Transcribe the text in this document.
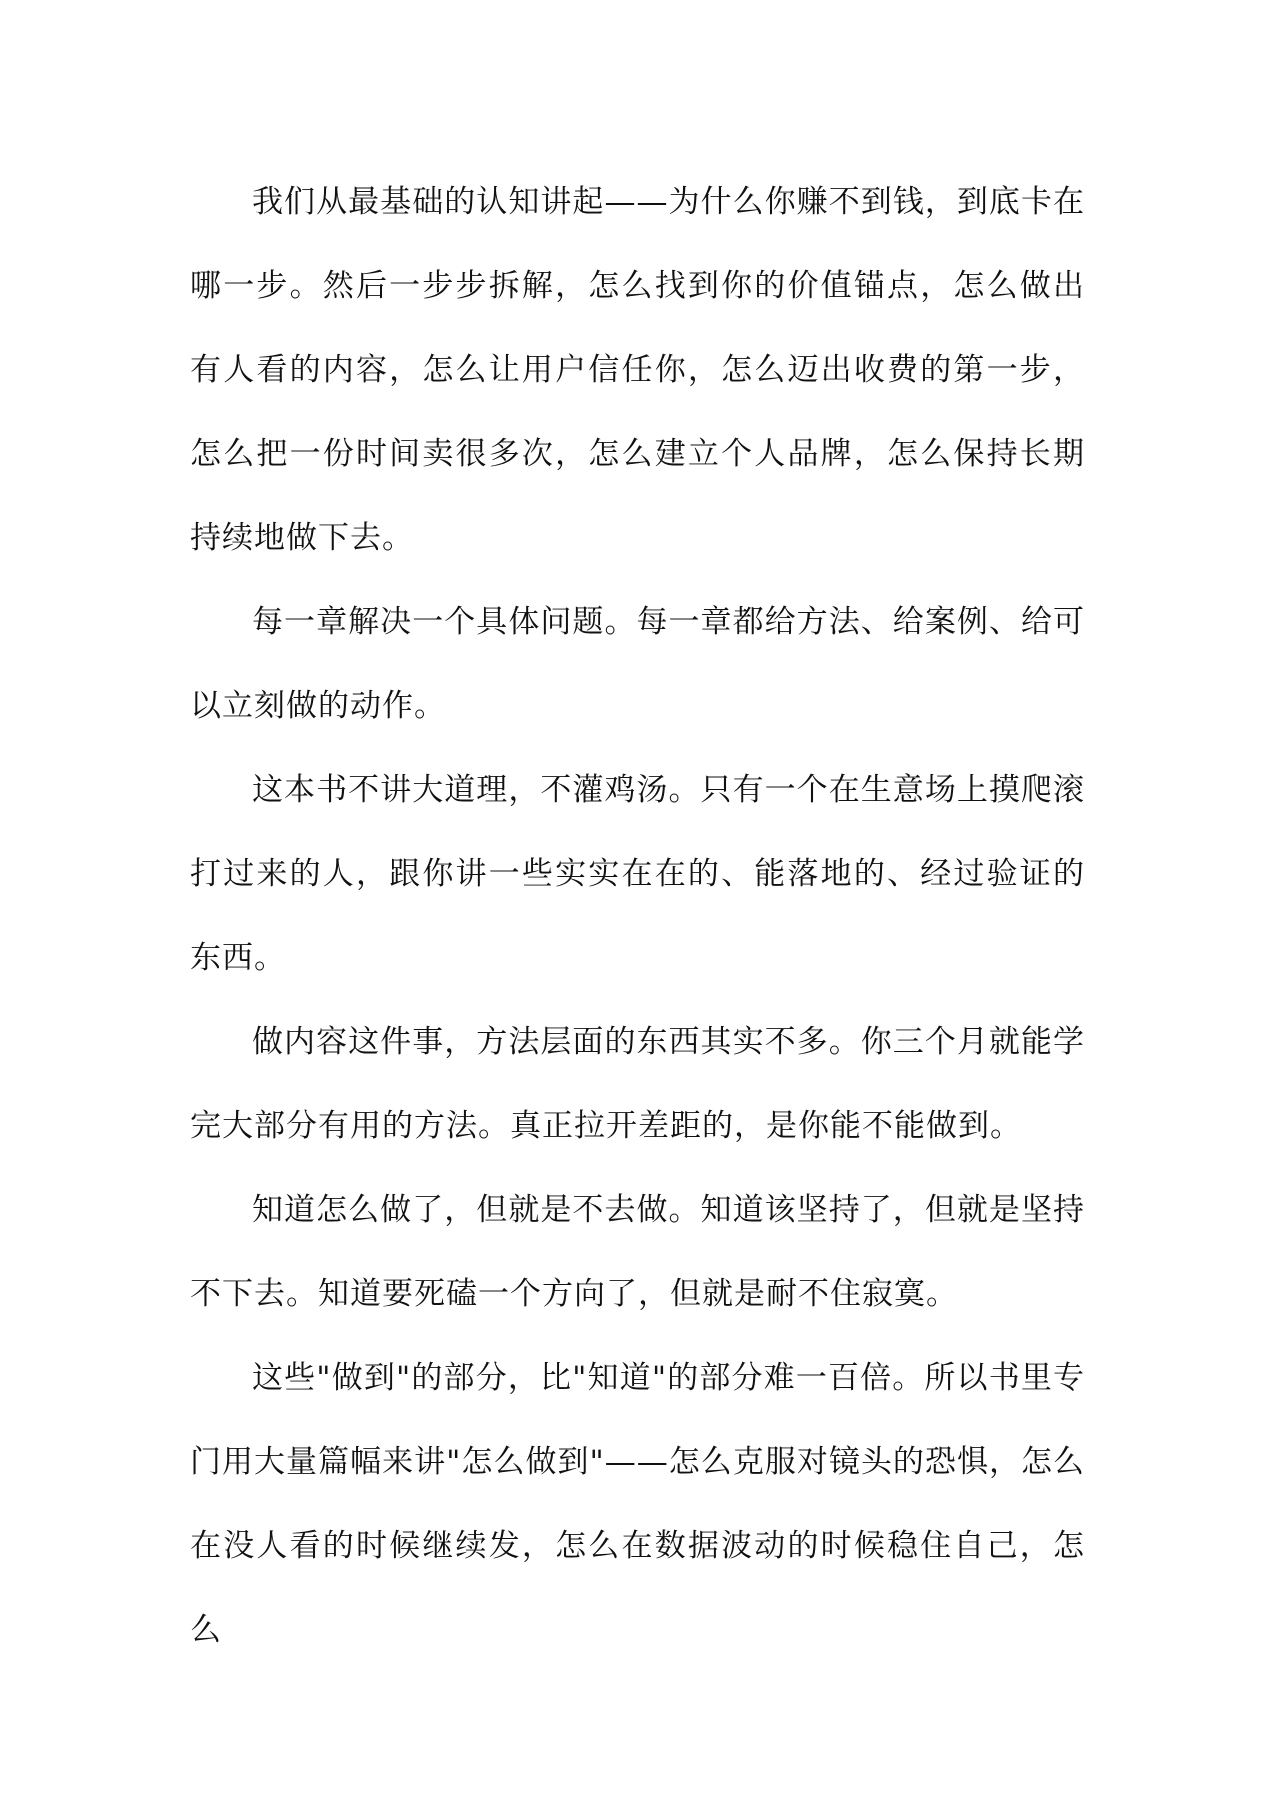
我们从最基础的认知讲起——为什么你赚不到钱，到底卡在哪一步。然后一步步拆解，怎么找到你的价值锚点，怎么做出有人看的内容，怎么让用户信任你，怎么迈出收费的第一步，怎么把一份时间卖很多次，怎么建立个人品牌，怎么保持长期持续地做下去。

每一章解决一个具体问题。每一章都给方法、给案例、给可以立刻做的动作。

这本书不讲大道理，不灌鸡汤。只有一个在生意场上摸爬滚打过来的人，跟你讲一些实实在在的、能落地的、经过验证的东西。

做内容这件事，方法层面的东西其实不多。你三个月就能学完大部分有用的方法。真正拉开差距的，是你能不能做到。

知道怎么做了，但就是不去做。知道该坚持了，但就是坚持不下去。知道要死磕一个方向了，但就是耐不住寂寞。

这些"做到"的部分，比"知道"的部分难一百倍。所以书里专门用大量篇幅来讲"怎么做到"——怎么克服对镜头的恐惧，怎么在没人看的时候继续发，怎么在数据波动的时候稳住自己，怎么
